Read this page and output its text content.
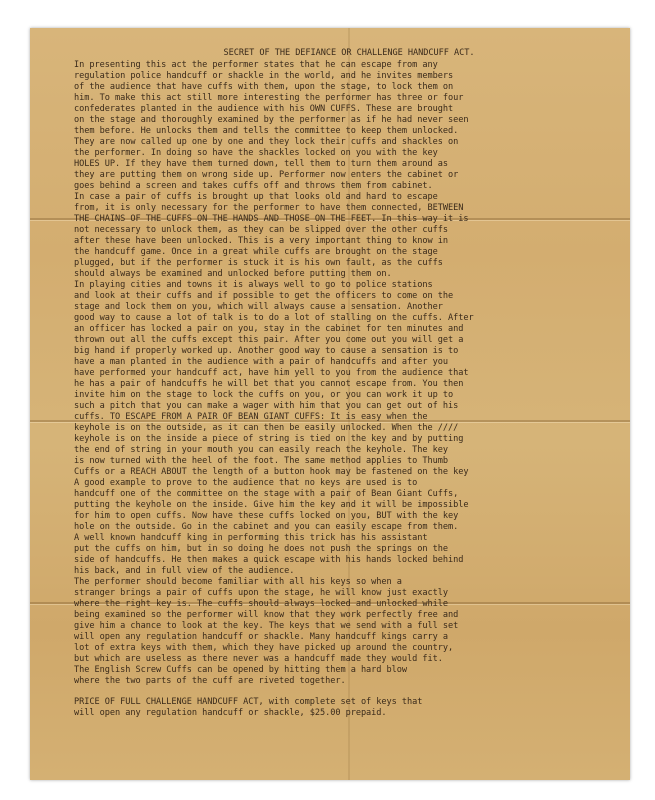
SECRET OF THE DEFIANCE OR CHALLENGE HANDCUFF ACT.

In presenting this act the performer states that he can escape from any
regulation police handcuff or shackle in the world, and he invites members
of the audience that have cuffs with them, upon the stage, to lock them on
him. To make this act still more interesting the performer has three or four
confederates planted in the audience with his OWN CUFFS. These are brought
on the stage and thoroughly examined by the performer as if he had never seen
them before. He unlocks them and tells the committee to keep them unlocked.
They are now called up one by one and they lock their cuffs and shackles on
the performer. In doing so have the shackles locked on you with the key
HOLES UP. If they have them turned down, tell them to turn them around as
they are putting them on wrong side up. Performer now enters the cabinet or
goes behind a screen and takes cuffs off and throws them from cabinet.

In case a pair of cuffs is brought up that looks old and hard to escape
from, it is only necessary for the performer to have them connected, BETWEEN
THE CHAINS OF THE CUFFS ON THE HANDS AND THOSE ON THE FEET. In this way it is
not necessary to unlock them, as they can be slipped over the other cuffs
after these have been unlocked. This is a very important thing to know in
the handcuff game. Once in a great while cuffs are brought on the stage
plugged, but if the performer is stuck it is his own fault, as the cuffs
should always be examined and unlocked before putting them on.

In playing cities and towns it is always well to go to police stations
and look at their cuffs and if possible to get the officers to come on the
stage and lock them on you, which will always cause a sensation. Another
good way to cause a lot of talk is to do a lot of stalling on the cuffs. After
an officer has locked a pair on you, stay in the cabinet for ten minutes and
thrown out all the cuffs except this pair. After you come out you will get a
big hand if properly worked up. Another good way to cause a sensation is to
have a man planted in the audience with a pair of handcuffs and after you
have performed your handcuff act, have him yell to you from the audience that
he has a pair of handcuffs he will bet that you cannot escape from. You then
invite him on the stage to lock the cuffs on you, or you can work it up to
such a pitch that you can make a wager with him that you can get out of his
cuffs. TO ESCAPE FROM A PAIR OF BEAN GIANT CUFFS: It is easy when the
keyhole is on the outside, as it can then be easily unlocked. When the ////
keyhole is on the inside a piece of string is tied on the key and by putting
the end of string in your mouth you can easily reach the keyhole. The key
is now turned with the heel of the foot. The same method applies to Thumb
Cuffs or a REACH ABOUT the length of a button hook may be fastened on the key

A good example to prove to the audience that no keys are used is to
handcuff one of the committee on the stage with a pair of Bean Giant Cuffs,
putting the keyhole on the inside. Give him the key and it will be impossible
for him to open cuffs. Now have these cuffs locked on you, BUT with the key
hole on the outside. Go in the cabinet and you can easily escape from them.

A well known handcuff king in performing this trick has his assistant
put the cuffs on him, but in so doing he does not push the springs on the
side of handcuffs. He then makes a quick escape with his hands locked behind
his back, and in full view of the audience.

The performer should become familiar with all his keys so when a
stranger brings a pair of cuffs upon the stage, he will know just exactly
where the right key is. The cuffs should always locked and unlocked while
being examined so the performer will know that they work perfectly free and
give him a chance to look at the key. The keys that we send with a full set
will open any regulation handcuff or shackle. Many handcuff kings carry a
lot of extra keys with them, which they have picked up around the country,
but which are useless as there never was a handcuff made they would fit.

The English Screw Cuffs can be opened by hitting them a hard blow
where the two parts of the cuff are riveted together.

PRICE OF FULL CHALLENGE HANDCUFF ACT, with complete set of keys that
will open any regulation handcuff or shackle, $25.00 prepaid.
